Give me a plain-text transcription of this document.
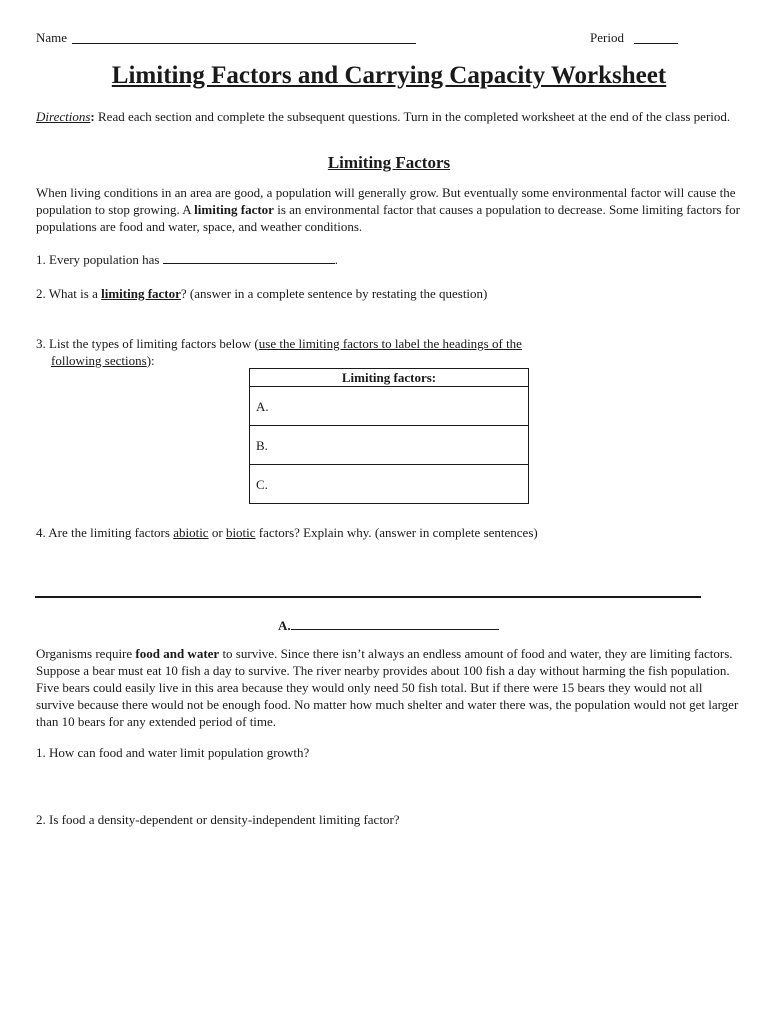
Name	Period
Limiting Factors and Carrying Capacity Worksheet
Directions: Read each section and complete the subsequent questions. Turn in the completed worksheet at the end of the class period.
Limiting Factors
When living conditions in an area are good, a population will generally grow. But eventually some environmental factor will cause the population to stop growing. A limiting factor is an environmental factor that causes a population to decrease. Some limiting factors for populations are food and water, space, and weather conditions.
1. Every population has	.
2. What is a limiting factor? (answer in a complete sentence by restating the question)
3. List the types of limiting factors below (use the limiting factors to label the headings of the
following sections):
Limiting factors:
A.
B.
C.
4. Are the limiting factors abiotic or biotic factors? Explain why. (answer in complete sentences)
A.
Organisms require food and water to survive. Since there isn’t always an endless amount of food and water, they are limiting factors. Suppose a bear must eat 10 fish a day to survive. The river nearby provides about 100 fish a day without harming the fish population. Five bears could easily live in this area because they would only need 50 fish total. But if there were 15 bears they would not all survive because there would not be enough food. No matter how much shelter and water there was, the population would not get larger than 10 bears for any extended period of time.
1. How can food and water limit population growth?
2. Is food a density-dependent or density-independent limiting factor?
